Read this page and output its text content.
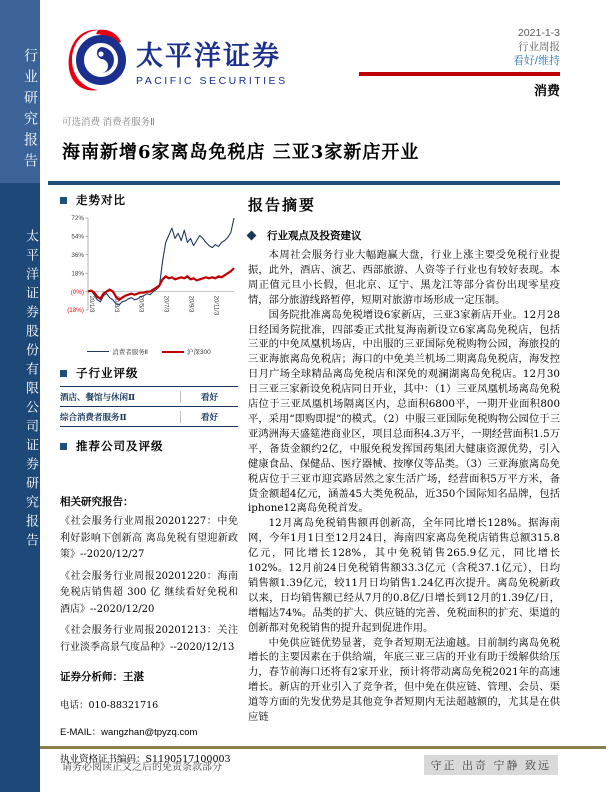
行业研究报告
太平洋证券股份有限公司证券研究报告
太平洋证券
PACIFIC SECURITIES
2021-1-3
行业周报
看好/维持
消费
可选消费 消费者服务Ⅱ
海南新增6家离岛免税店 三亚3家新店开业
走势对比
72%
54%
36%
18%
(0%)
(18%) 20/1/3	20/3/3	20/5/3	20/7/3	20/9/3	20/11/3
消费者服务Ⅱ	沪深300
子行业评级
酒店、餐馆与休闲Ⅱ	看好
综合消费者服务Ⅱ	看好
推荐公司及评级
相关研究报告：
《社会服务行业周报20201227：中免利好影响下创新高 离岛免税有望迎新政策》--2020/12/27
《社会服务行业周报20201220：海南免税店销售超 300 亿 继续看好免税和酒店》--2020/12/20
《社会服务行业周报20201213：关注行业淡季高景气度品种》--2020/12/13
证券分析师：王湛
电话：010-88321716
E-MAIL：wangzhan@tpyzq.com
执业资格证书编码：S1190517100003
报告摘要
行业观点及投资建议

本周社会服务行业大幅跑赢大盘，行业上涨主要受免税行业提振，此外，酒店、演艺、西部旅游、人资等子行业也有较好表现。本周正值元旦小长假，但北京、辽宁、黑龙江等部分省份出现零星疫情，部分旅游线路暂停，短期对旅游市场形成一定压制。

国务院批准离岛免税增设6家新店，三亚3家新店开业。12月28日经国务院批准，四部委正式批复海南新设立6家离岛免税店，包括三亚的中免凤凰机场店，中出服的三亚国际免税购物公园，海旅投的三亚海旅离岛免税店；海口的中免美兰机场二期离岛免税店，海发控日月广场全球精品离岛免税店和深免的观澜湖离岛免税店。12月30日三亚三家新设免税店同日开业，其中：（1）三亚凤凰机场离岛免税店位于三亚凤凰机场隔离区内，总面积6800平，一期开业面积800平，采用“即购即提”的模式。（2）中服三亚国际免税购物公园位于三亚鸿洲海天盛筵港商业区，项目总面积4.3万平，一期经营面积1.5万平，备货金额约2亿，中服免税发挥国药集团大健康资源优势，引入健康食品、保健品、医疗器械、按摩仪等品类。（3）三亚海旅离岛免税店位于三亚市迎宾路居然之家生活广场，经营面积5万平方米，备货金额超4亿元，涵盖45大类免税品，近350个国际知名品牌，包括iphone12离岛免税首发。

12月离岛免税销售额再创新高，全年同比增长128%。据海南网，今年1月1日至12月24日，海南四家离岛免税店销售总额315.8亿元，同比增长128%，其中免税销售265.9亿元，同比增长102%。12月前24日免税销售额33.3亿元（含税37.1亿元），日均销售额1.39亿元，较11月日均销售1.24亿再次提升。离岛免税新政以来，日均销售额已经从7月的0.8亿/日增长到12月的1.39亿/日，增幅达74%。品类的扩大、供应链的完善、免税面积的扩充、渠道的创新都对免税销售的提升起到促进作用。

中免供应链优势显著，竞争者短期无法逾越。目前制约离岛免税增长的主要因素在于供给端，年底三亚三店的开业有助于缓解供给压力，春节前海口还将有2家开业，预计将带动离岛免税2021年的高速增长。新店的开业引入了竞争者，但中免在供应链、管理、会员、渠道等方面的先发优势是其他竞争者短期内无法超越额的，尤其是在供应链

请务必阅读正文之后的免责条款部分	守正 出奇 宁静 致远
